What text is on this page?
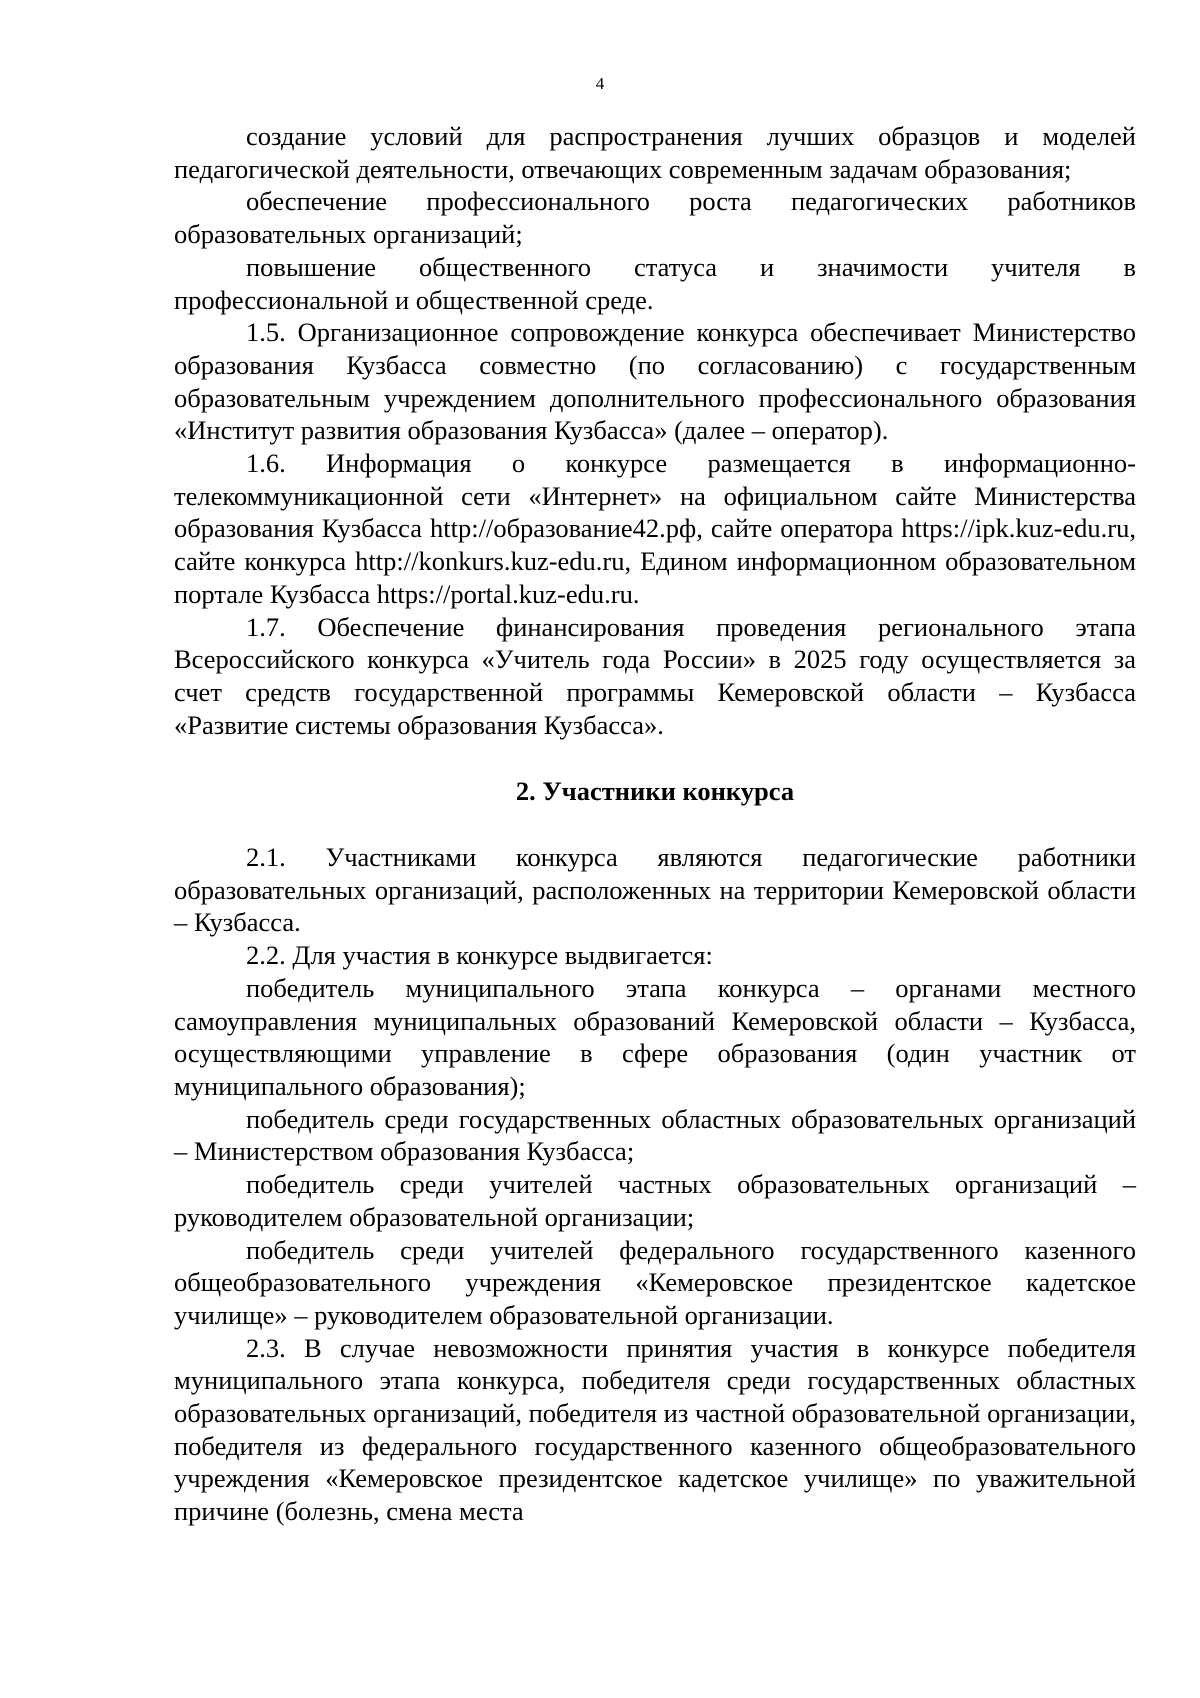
4

создание условий для распространения лучших образцов и моделей педагогической деятельности, отвечающих современным задачам образования;

обеспечение профессионального роста педагогических работников образовательных организаций;

повышение общественного статуса и значимости учителя в профессиональной и общественной среде.

1.5. Организационное сопровождение конкурса обеспечивает Министерство образования Кузбасса совместно (по согласованию) с государственным образовательным учреждением дополнительного профессионального образования «Институт развития образования Кузбасса» (далее – оператор).

1.6. Информация о конкурсе размещается в информационно-телекоммуникационной сети «Интернет» на официальном сайте Министерства образования Кузбасса http://образование42.рф, сайте оператора https://ipk.kuz-edu.ru, сайте конкурса http://konkurs.kuz-edu.ru, Едином информационном образовательном портале Кузбасса https://portal.kuz-edu.ru.

1.7. Обеспечение финансирования проведения регионального этапа Всероссийского конкурса «Учитель года России» в 2025 году осуществляется за счет средств государственной программы Кемеровской области – Кузбасса «Развитие системы образования Кузбасса».

2. Участники конкурса

2.1. Участниками конкурса являются педагогические работники образовательных организаций, расположенных на территории Кемеровской области – Кузбасса.

2.2. Для участия в конкурсе выдвигается:

победитель муниципального этапа конкурса – органами местного самоуправления муниципальных образований Кемеровской области – Кузбасса, осуществляющими управление в сфере образования (один участник от муниципального образования);

победитель среди государственных областных образовательных организаций – Министерством образования Кузбасса;

победитель среди учителей частных образовательных организаций – руководителем образовательной организации;

победитель среди учителей федерального государственного казенного общеобразовательного учреждения «Кемеровское президентское кадетское училище» – руководителем образовательной организации.

2.3. В случае невозможности принятия участия в конкурсе победителя муниципального этапа конкурса, победителя среди государственных областных образовательных организаций, победителя из частной образовательной организации, победителя из федерального государственного казенного общеобразовательного учреждения «Кемеровское президентское кадетское училище» по уважительной причине (болезнь, смена места
